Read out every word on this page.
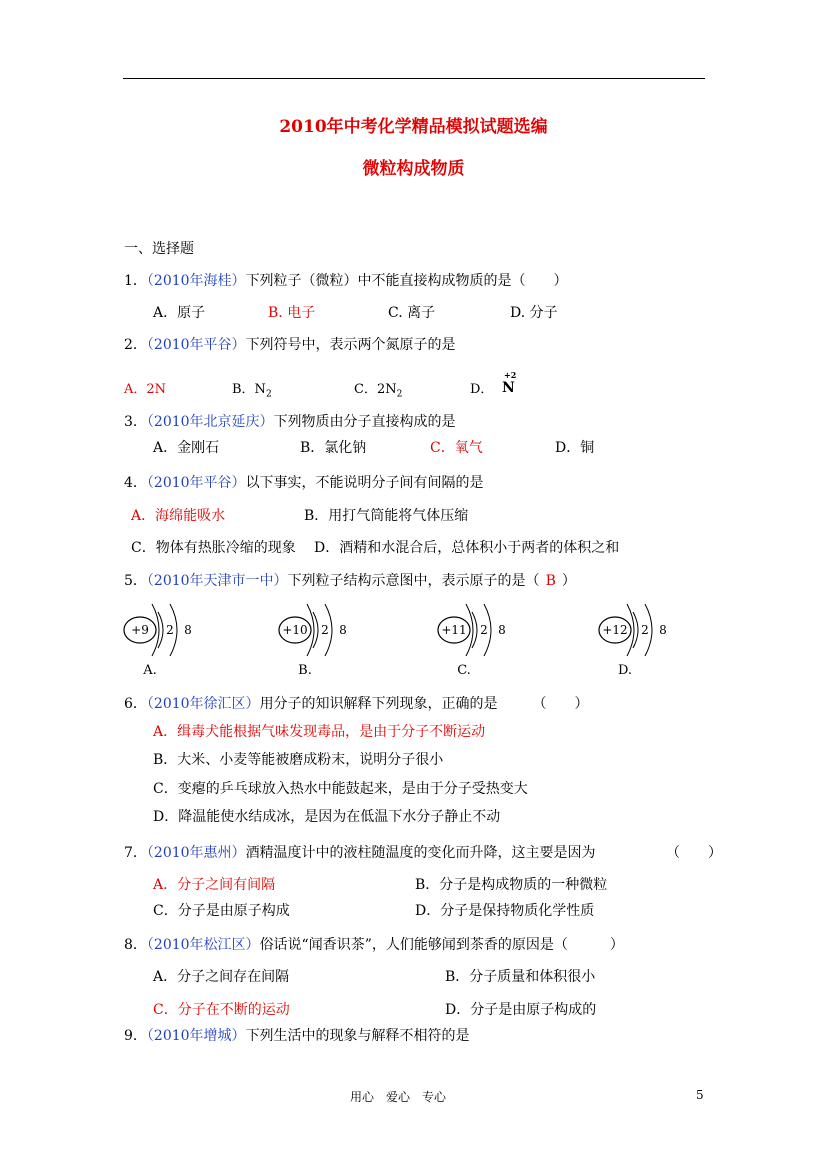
2010年中考化学精品模拟试题选编
微粒构成物质
一、选择题
1．（2010年海桂）下列粒子（微粒）中不能直接构成物质的是（　　）
A．原子	B. 电子	C. 离子	D. 分子
2．（2010年平谷）下列符号中，表示两个氮原子的是
A．2N	B．$N_2$	C．$2N_2$	D．
+2
N
3．（2010年北京延庆）下列物质由分子直接构成的是
A．金刚石	B．氯化钠	C．氧气	D．铜
4．（2010年平谷）以下事实，不能说明分子间有间隔的是
A．海绵能吸水	B．用打气筒能将气体压缩
C．物体有热胀冷缩的现象 D．酒精和水混合后，总体积小于两者的体积之和
5．（2010年天津市一中）下列粒子结构示意图中，表示原子的是（ B ）
+9 2 8
A.
+10 2 8
B.
+11 2 8
C.
+12 2 8
D.
6．（2010年徐汇区）用分子的知识解释下列现象，正确的是　　　（　　）
A．缉毒犬能根据气味发现毒品，是由于分子不断运动
B．大米、小麦等能被磨成粉末，说明分子很小
C．变瘪的乒乓球放入热水中能鼓起来，是由于分子受热变大
D．降温能使水结成冰，是因为在低温下水分子静止不动
7．（2010年惠州）酒精温度计中的液柱随温度的变化而升降，这主要是因为	（　　）
A．分子之间有间隔	B．分子是构成物质的一种微粒
C．分子是由原子构成	D．分子是保持物质化学性质
8．（2010年松江区）俗话说“闻香识茶”，人们能够闻到茶香的原因是（　　　）
A．分子之间存在间隔	B．分子质量和体积很小
C．分子在不断的运动	D．分子是由原子构成的
9．（2010年增城）下列生活中的现象与解释不相符的是
用心　爱心　专心	5
